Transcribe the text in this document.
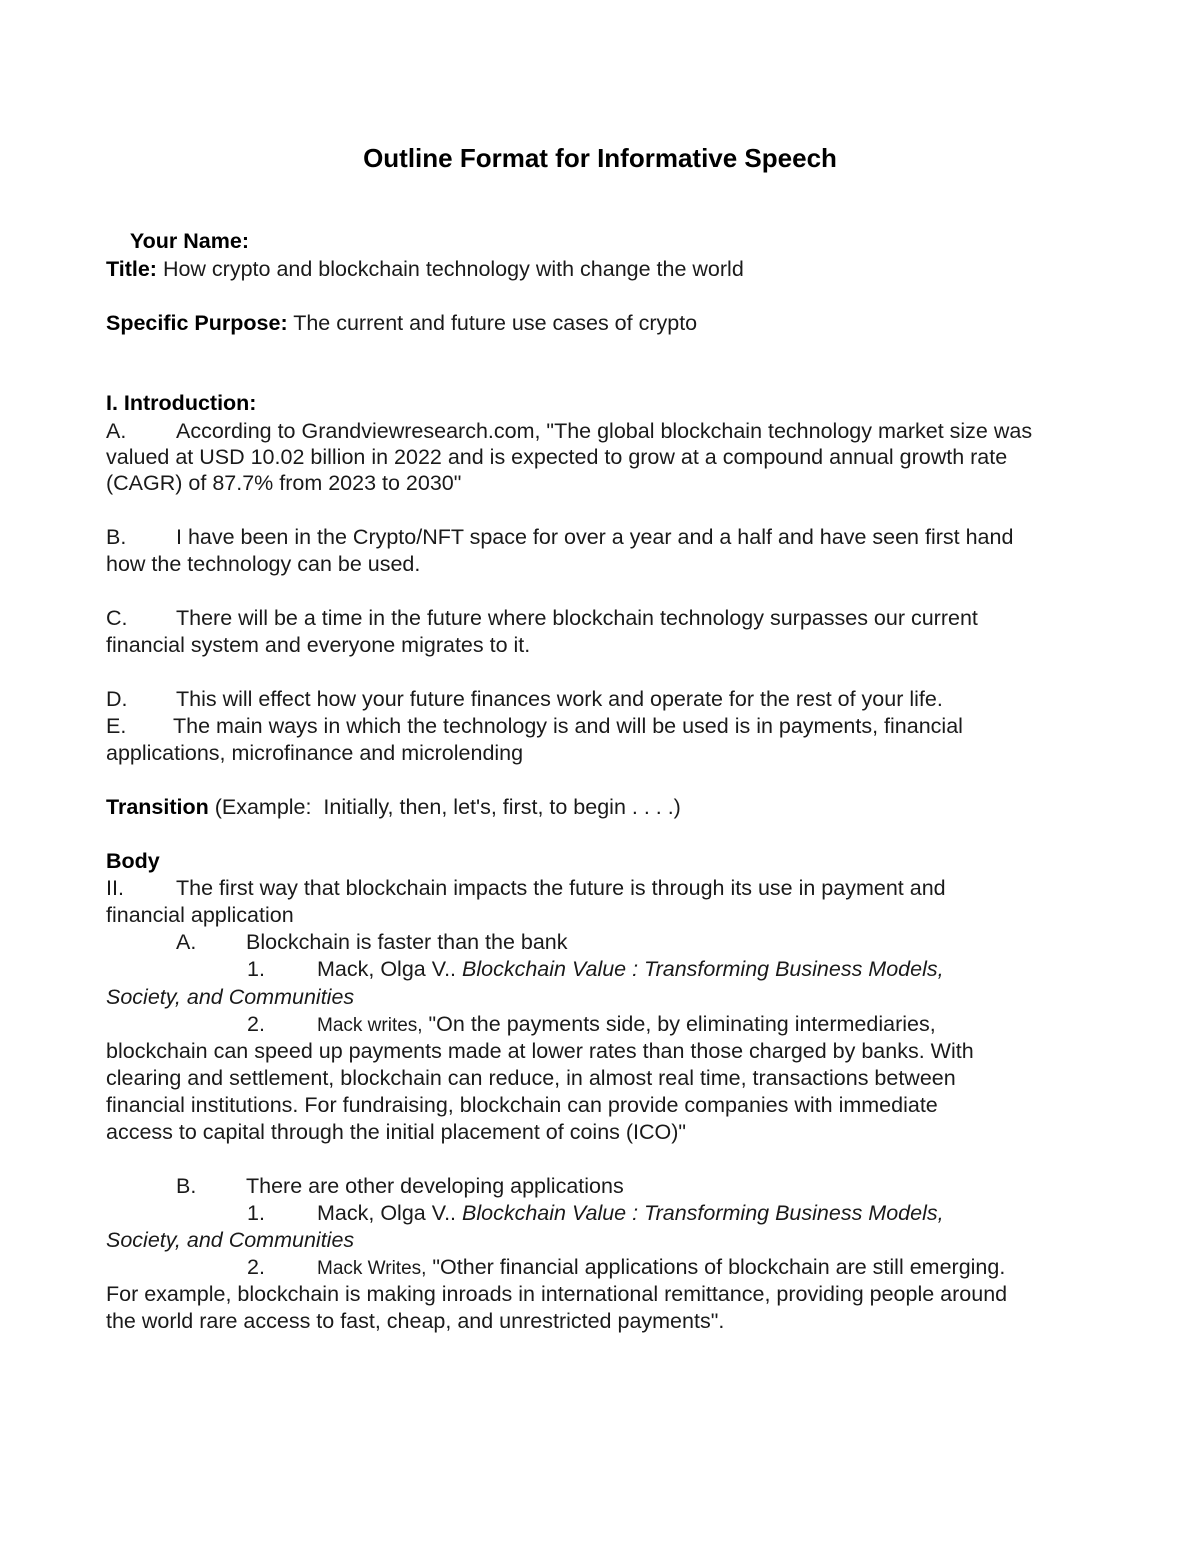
Outline Format for Informative Speech

Your Name:

Title: How crypto and blockchain technology with change the world
Specific Purpose: The current and future use cases of crypto
I. Introduction:
A. According to Grandviewresearch.com, "The global blockchain technology market size was
valued at USD 10.02 billion in 2022 and is expected to grow at a compound annual growth rate
(CAGR) of 87.7% from 2023 to 2030"
B. I have been in the Crypto/NFT space for over a year and a half and have seen first hand
how the technology can be used.
C. There will be a time in the future where blockchain technology surpasses our current
financial system and everyone migrates to it.
D. This will effect how your future finances work and operate for the rest of your life.
E. The main ways in which the technology is and will be used is in payments, financial
applications, microfinance and microlending
Transition (Example:  Initially, then, let's, first, to begin . . . .)
Body
II. The first way that blockchain impacts the future is through its use in payment and
financial application
A. Blockchain is faster than the bank
1. Mack, Olga V.. Blockchain Value : Transforming Business Models,
Society, and Communities
2.	Mack writes, "On the payments side, by eliminating intermediaries,
blockchain can speed up payments made at lower rates than those charged by banks. With
clearing and settlement, blockchain can reduce, in almost real time, transactions between
financial institutions. For fundraising, blockchain can provide companies with immediate
access to capital through the initial placement of coins (ICO)"
B. There are other developing applications
1. Mack, Olga V.. Blockchain Value : Transforming Business Models,
Society, and Communities
2.	Mack Writes, "Other financial applications of blockchain are still emerging.
For example, blockchain is making inroads in international remittance, providing people around
the world rare access to fast, cheap, and unrestricted payments".
